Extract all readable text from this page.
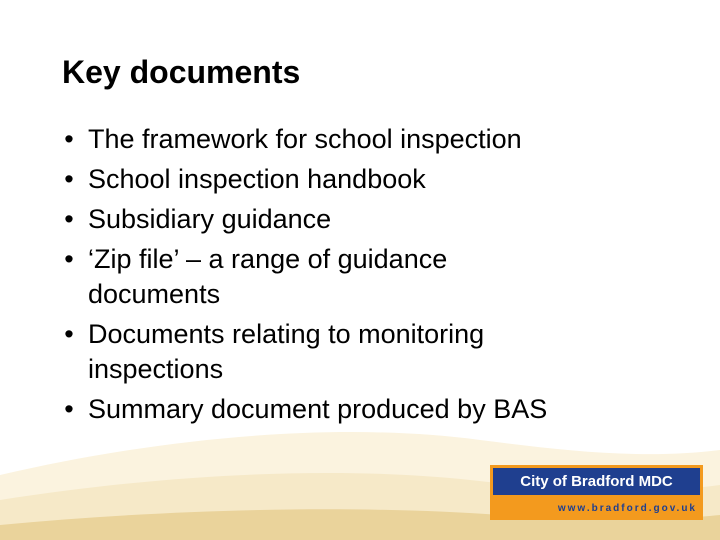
Key documents
• The framework for school inspection
• School inspection handbook
• Subsidiary guidance
• ‘Zip file’ – a range of guidance
documents
• Documents relating to monitoring
inspections
• Summary document produced by BAS
City of Bradford MDC
www.bradford.gov.uk
